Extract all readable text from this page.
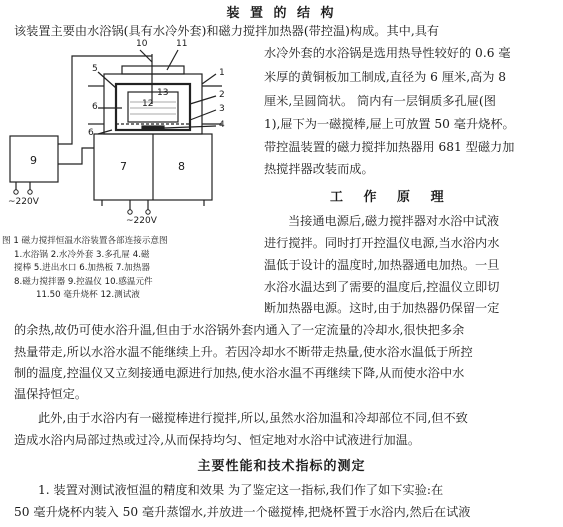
装 置 的 结 构
该装置主要由水浴锅(具有水冷外套)和磁力搅拌加热器(带控温)构成。其中,具有
水冷外套的水浴锅是选用热导性较好的 0.6 毫
米厚的黄铜板加工制成,直径为 6 厘米,高为 8
厘米,呈圆筒状。 筒内有一层铜质多孔屉(图
1),屉下为一磁搅棒,屉上可放置 50 毫升烧杯。
带控温装置的磁力搅拌加热器用 681 型磁力加
热搅拌器改装而成。
10	11
5
6
1
2
3
4
6
12
13
9	7	8
~220V
~220V
图 1 磁力搅拌恒温水浴装置各部连接示意图
1.水浴锅 2.水冷外套 3.多孔屉 4.磁
搅棒 5.进出水口 6.加热板 7.加热器
8.磁力搅拌器 9.控温仪 10.感温元件
11.50 毫升烧杯 12.测试液
工 作 原 理
当接通电源后,磁力搅拌器对水浴中试液
进行搅拌。同时打开控温仪电源,当水浴内水
温低于设计的温度时,加热器通电加热。一旦
水浴水温达到了需要的温度后,控温仪立即切
断加热器电源。这时,由于加热器仍保留一定
的余热,故仍可使水浴升温,但由于水浴锅外套内通入了一定流量的冷却水,很快把多余
热量带走,所以水浴水温不能继续上升。若因冷却水不断带走热量,使水浴水温低于所控
制的温度,控温仪又立刻接通电源进行加热,使水浴水温不再继续下降,从而使水浴中水
温保持恒定。
此外,由于水浴内有一磁搅棒进行搅拌,所以,虽然水浴加温和冷却部位不同,但不致
造成水浴内局部过热或过冷,从而保持均匀、恒定地对水浴中试液进行加温。
主要性能和技术指标的测定
1. 装置对测试液恒温的精度和效果 为了鉴定这一指标,我们作了如下实验:在
50 毫升烧杯内装入 50 毫升蒸馏水,并放进一个磁搅棒,把烧杯置于水浴内,然后在试液
